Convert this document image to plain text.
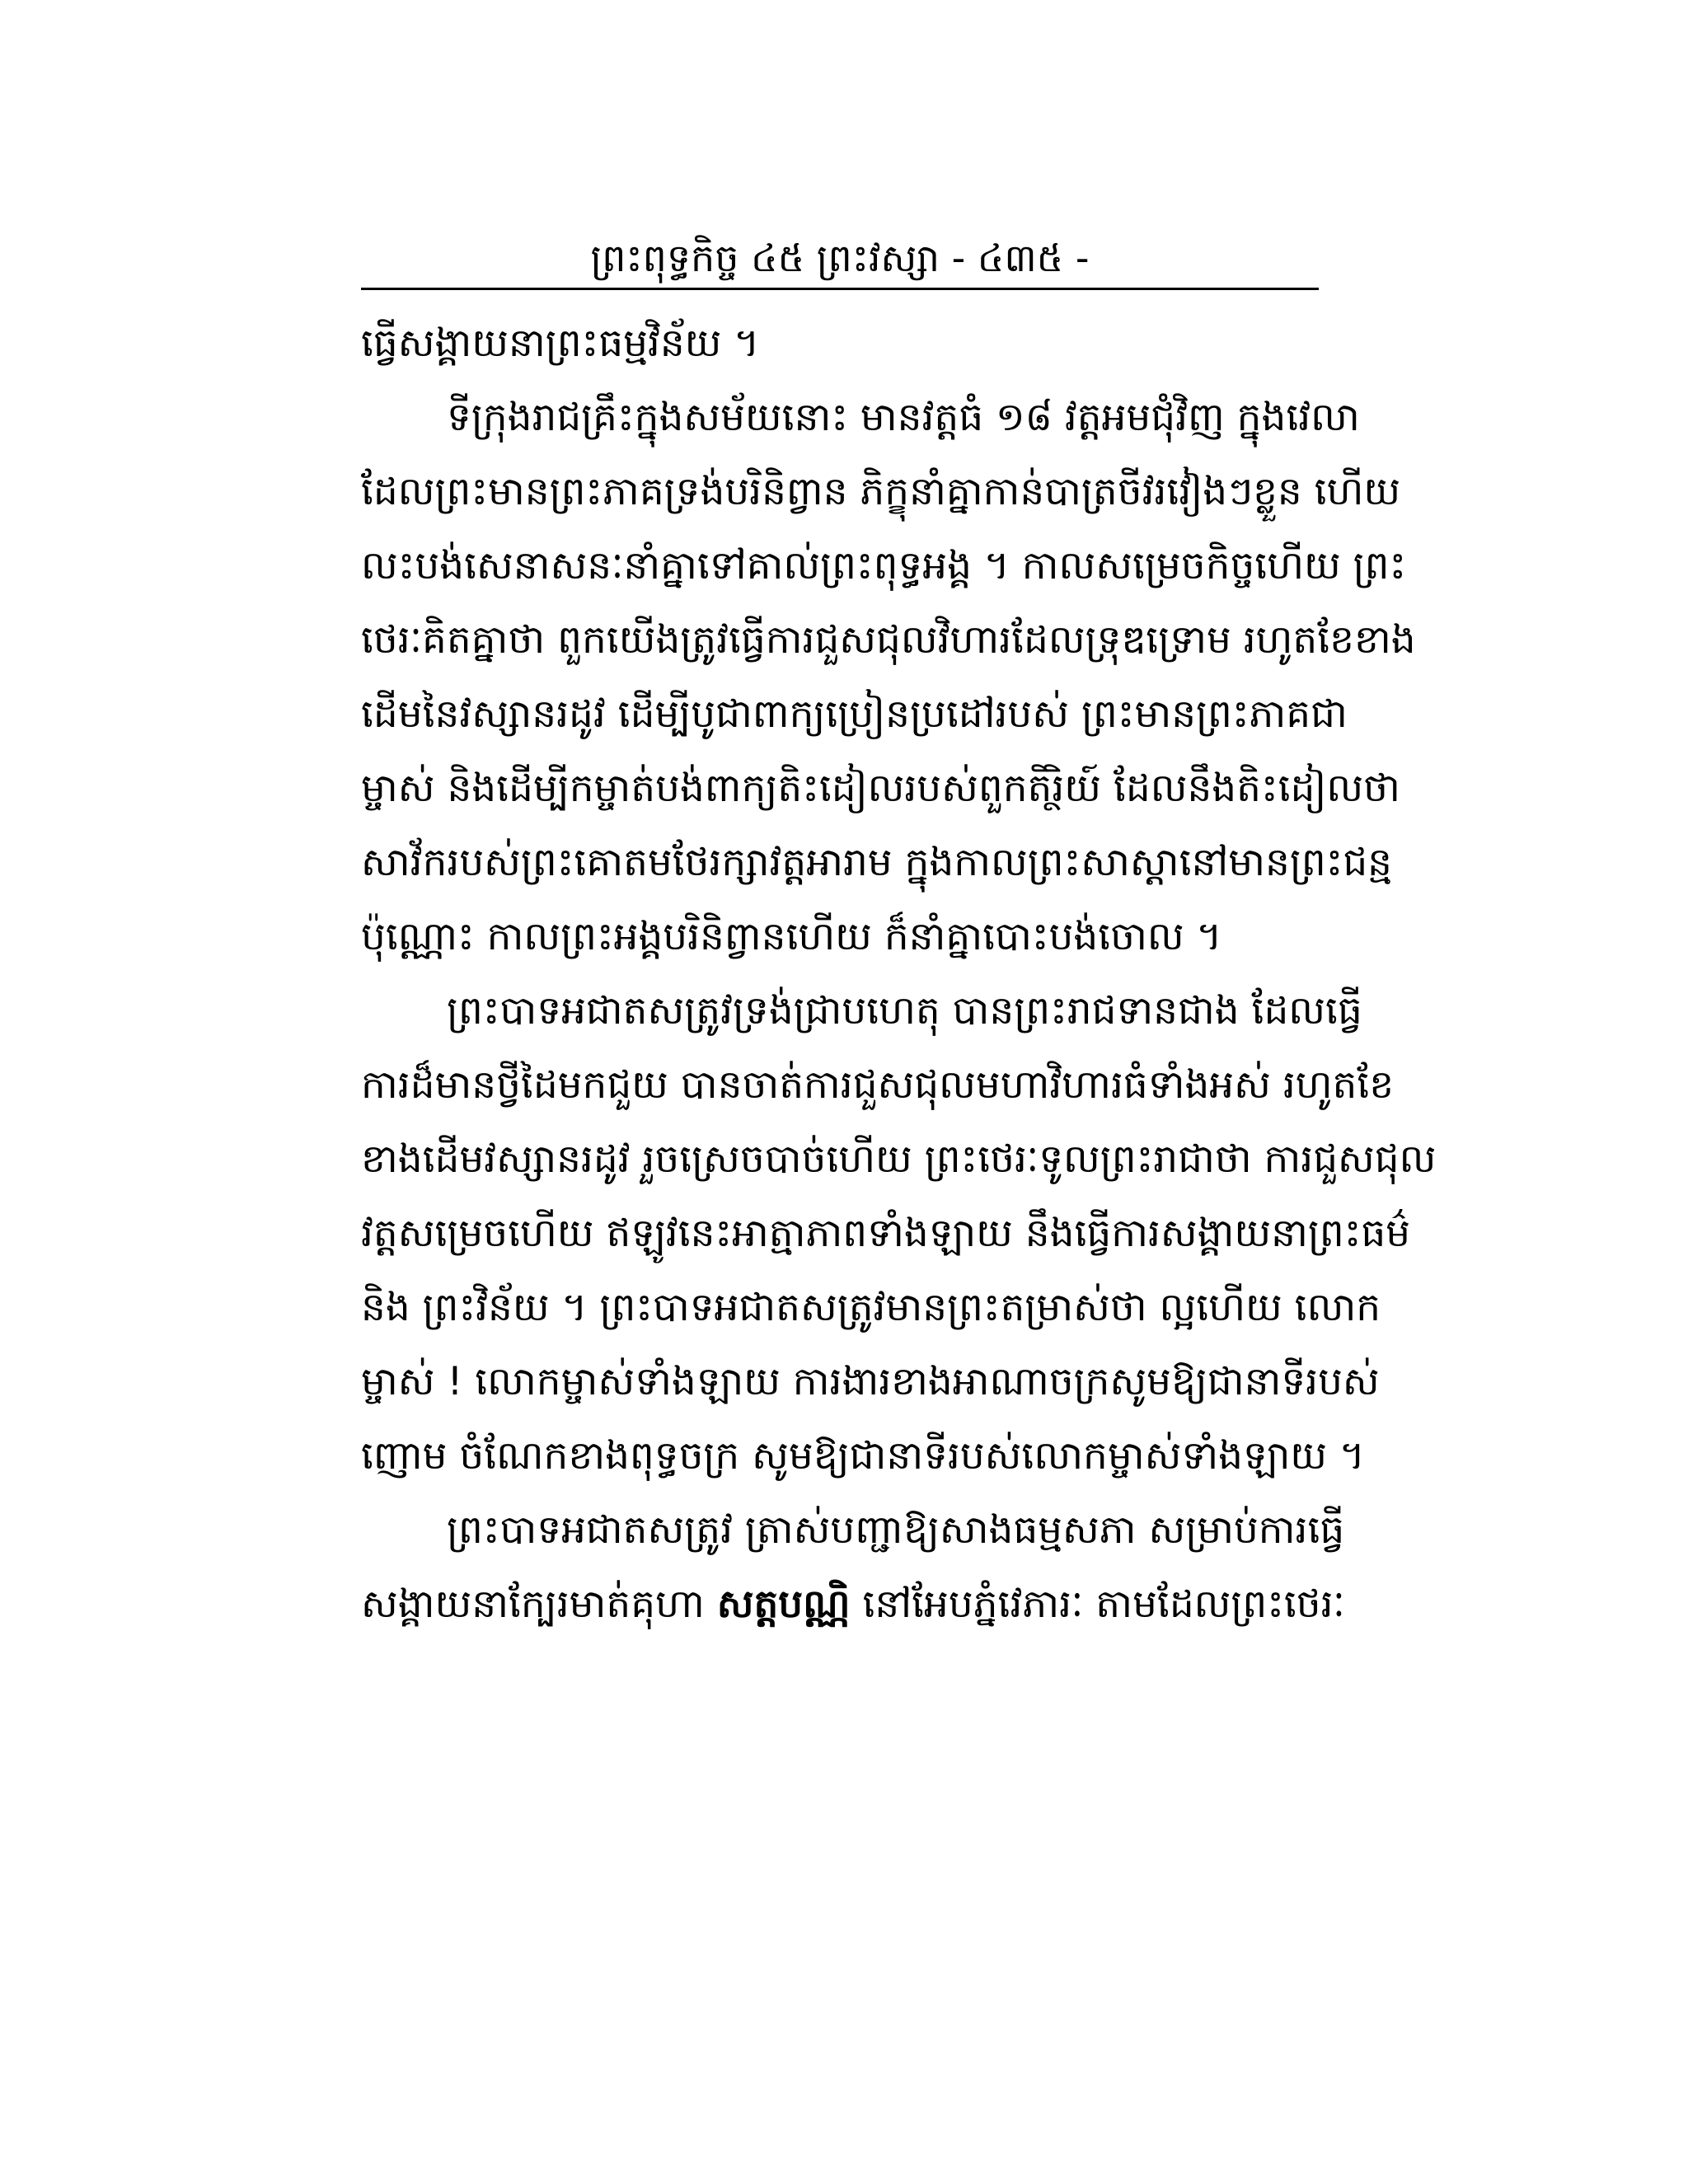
ព្រះពុទ្ធកិច្ច ៤៥ ព្រះវស្សា - ៤៣៥ -
ធ្វើសង្គាយនាព្រះធម្មវិន័យ ។
ទីក្រុងរាជគ្រឹះក្នុងសម័យនោះ មានវត្តធំ ១៨ វត្តអមជុំវិញ ក្នុងវេលា
ដែលព្រះមានព្រះភាគទ្រង់បរិនិព្វាន ភិក្ខុនាំគ្នាកាន់បាត្រចីវរវៀងៗខ្លួន ហើយ
លះបង់សេនាសនៈនាំគ្នាទៅគាល់ព្រះពុទ្ធអង្គ ។ កាលសម្រេចកិច្ចហើយ ព្រះ
ថេរៈគិតគ្នាថា ពួកយើងត្រូវធ្វើការជួសជុលវិហារដែលទ្រុឌទ្រោម រហូតខែខាង
ដើមនៃវស្សានរដូវ ដើម្បីបូជាពាក្យប្រៀនប្រដៅរបស់ ព្រះមានព្រះភាគជា
ម្ចាស់ និងដើម្បីកម្ចាត់បង់ពាក្យតិះដៀលរបស់ពួកតិរ្ថិយ៍ ដែលនឹងតិះដៀលថា
សាវ័ករបស់ព្រះគោតមថែរក្សាវត្តអារាម ក្នុងកាលព្រះសាស្តានៅមានព្រះជន្ម
ប៉ុណ្ណោះ កាលព្រះអង្គបរិនិព្វានហើយ ក៏នាំគ្នាបោះបង់ចោល ។
ព្រះបាទអជាតសត្រូវទ្រង់ជ្រាបហេតុ បានព្រះរាជទានជាង ដែលធ្វើ
ការដ៏មានថ្វីដៃមកជួយ បានចាត់ការជួសជុលមហាវិហារធំទាំងអស់ រហូតខែ
ខាងដើមវស្សានរដូវ រួចស្រេចបាច់ហើយ ព្រះថេរៈទូលព្រះរាជាថា ការជួសជុល
វត្តសម្រេចហើយ ឥឡូវនេះអាត្មាភាពទាំងឡាយ នឹងធ្វើការសង្គាយនាព្រះធម៌
និង ព្រះវិន័យ ។ ព្រះបាទអជាតសត្រូវមានព្រះតម្រាស់ថា ល្អហើយ លោក
ម្ចាស់ ! លោកម្ចាស់ទាំងឡាយ ការងារខាងអាណាចក្រសូមឱ្យជានាទីរបស់
ញោម ចំណែកខាងពុទ្ធចក្រ សូមឱ្យជានាទីរបស់លោកម្ចាស់ទាំងឡាយ ។
ព្រះបាទអជាតសត្រូវ ត្រាស់បញ្ជាឱ្យសាងធម្មសភា សម្រាប់ការធ្វើ
សង្គាយនាក្បែរមាត់គុហា សត្តបណ្ណិ នៅអែបភ្នំវេភារៈ តាមដែលព្រះថេរៈ
